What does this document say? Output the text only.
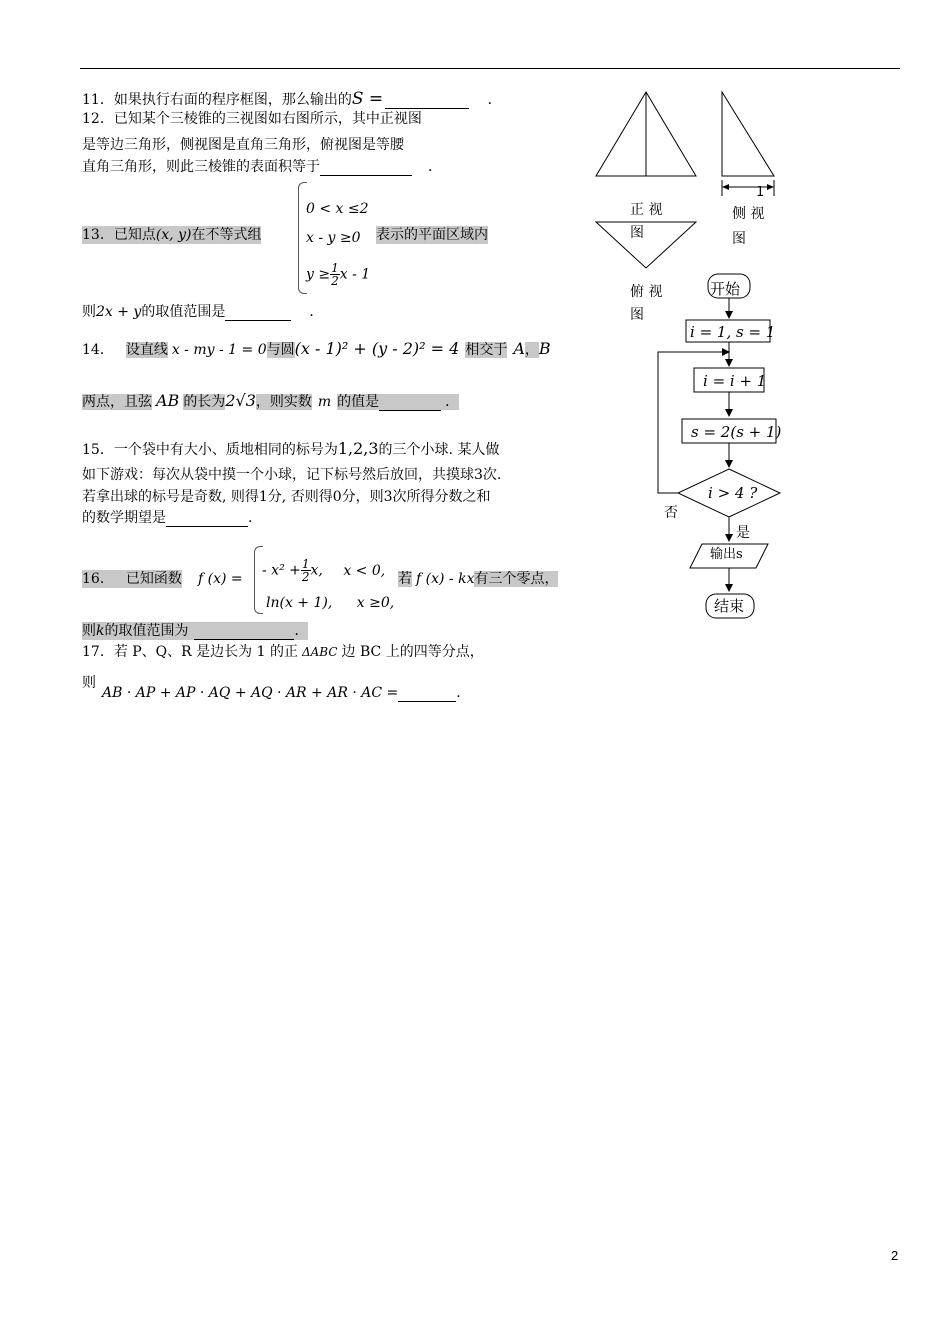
11．如果执行右面的程序框图，那么输出的S =	．
12．已知某个三棱锥的三视图如右图所示，其中正视图
是等边三角形，侧视图是直角三角形，俯视图是等腰
直角三角形，则此三棱锥的表面积等于	．
13．已知点(x, y)在不等式组
0 < x ≤2
x - y ≥0
$y \ge \frac{1}{2}$ x - 1
表示的平面区域内
则2x + y的取值范围是	．
14． 设直线 x - my - 1 = 0与圆(x - 1)² + (y - 2)² = 4 相交于 A，B
两点，且弦 AB 的长为2√3，则实数 m 的值是	．
15．一个袋中有大小、质地相同的标号为1,2,3的三个小球. 某人做
如下游戏：每次从袋中摸一个小球，记下标号然后放回，共摸球3次.
若拿出球的标号是奇数, 则得1分, 否则得0分，则3次所得分数之和
的数学期望是	.
16． 已知函数 f (x) =
- $x^2 + \frac{1}{2} x$, x < 0,
ln(x + 1), x ≥0,
若 f (x) - kx有三个零点，
则k的取值范围为	．
17．若 P、Q、R 是边长为 1 的正 ΔABC 边 BC 上的四等分点，
则
AB · AP + AP · AQ + AQ · AR + AR · AC =	.
1
正 视
图
侧 视
图
俯 视
图
开始
i = 1, s = 1
i = i + 1
s = 2(s + 1)
i > 4 ?
否
是
输出s
结束
2
